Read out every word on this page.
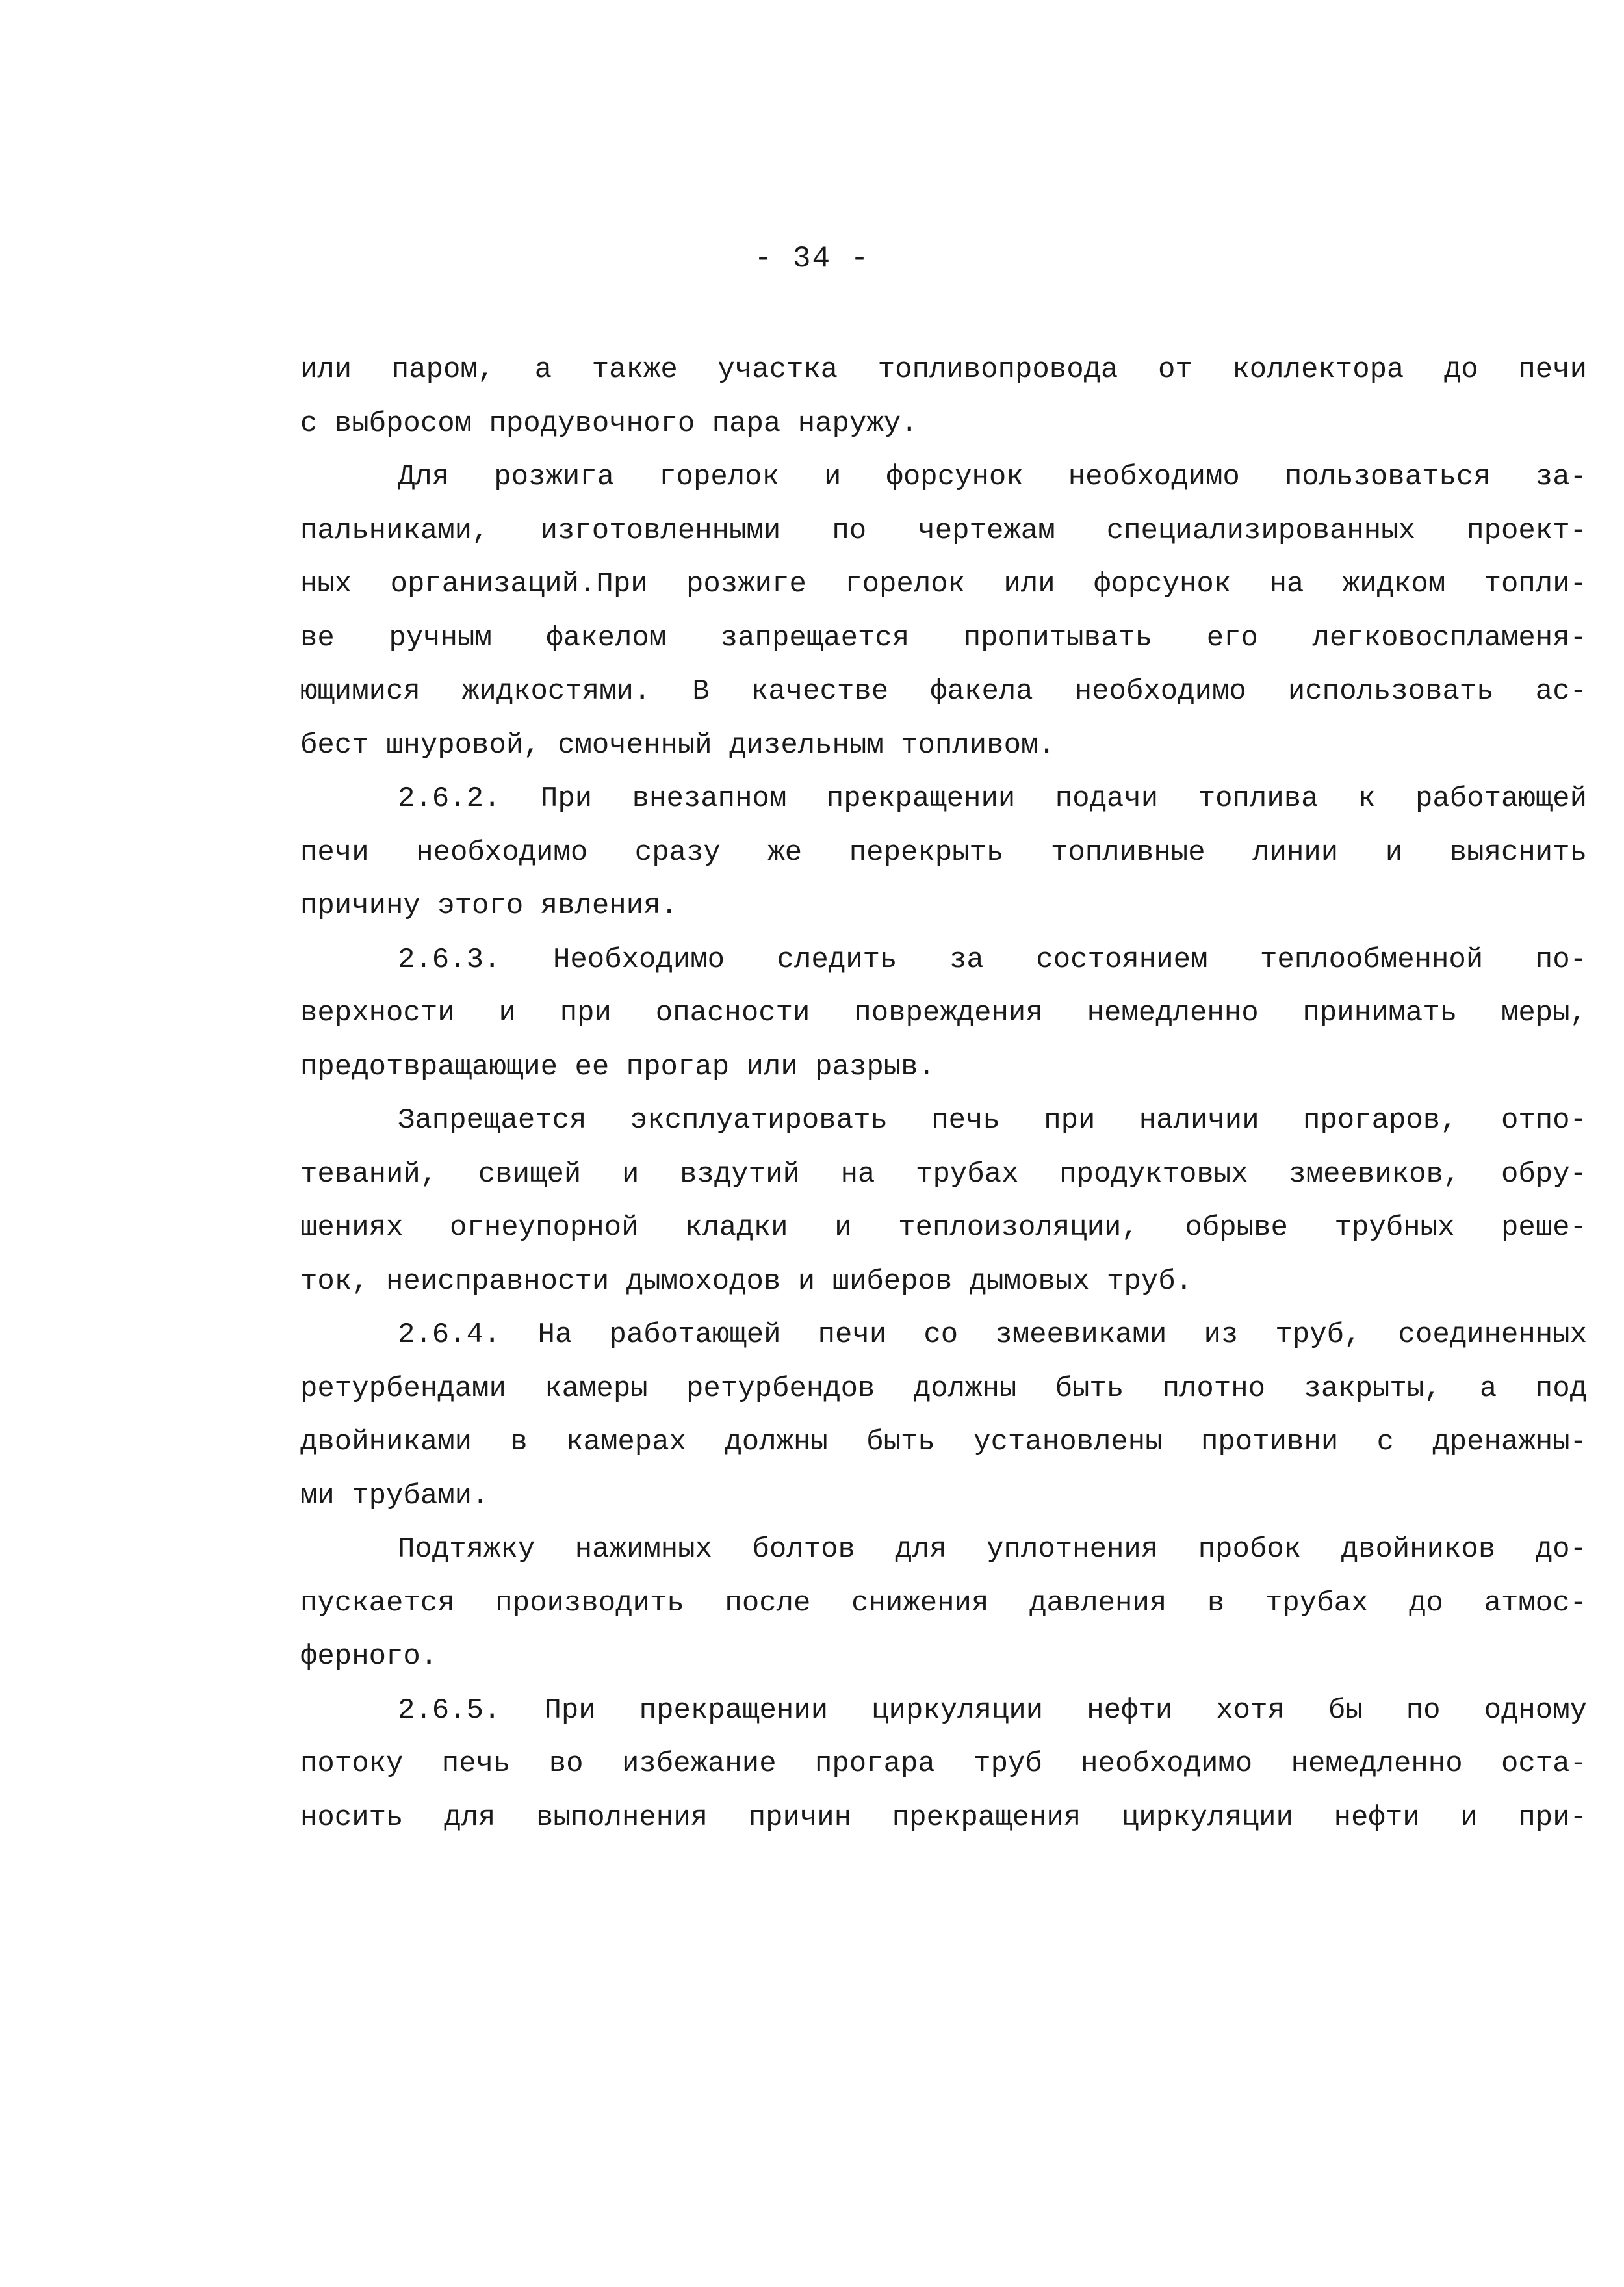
- 34 -
или паром, а также участка топливопровода от коллектора до печи
с выбросом продувочного пара наружу.
Для розжига горелок и форсунок необходимо пользоваться за-
пальниками, изготовленными по чертежам специализированных проект-
ных организаций.При розжиге горелок или форсунок на жидком топли-
ве ручным факелом запрещается пропитывать его легковоспламеня-
ющимися жидкостями. В качестве факела необходимо использовать ас-
бест шнуровой, смоченный дизельным топливом.
2.6.2. При внезапном прекращении подачи топлива к работающей
печи необходимо сразу же перекрыть топливные линии и выяснить
причину этого явления.
2.6.3. Необходимо следить за состоянием теплообменной по-
верхности и при опасности повреждения немедленно принимать меры,
предотвращающие ее прогар или разрыв.
Запрещается эксплуатировать печь при наличии прогаров, отпо-
теваний, свищей и вздутий на трубах продуктовых змеевиков, обру-
шениях огнеупорной кладки и теплоизоляции, обрыве трубных реше-
ток, неисправности дымоходов и шиберов дымовых труб.
2.6.4. На работающей печи со змеевиками из труб, соединенных
ретурбендами камеры ретурбендов должны быть плотно закрыты, а под
двойниками в камерах должны быть установлены противни с дренажны-
ми трубами.
Подтяжку нажимных болтов для уплотнения пробок двойников до-
пускается производить после снижения давления в трубах до атмос-
ферного.
2.6.5. При прекращении циркуляции нефти хотя бы по одному
потоку печь во избежание прогара труб необходимо немедленно оста-
носить для выполнения причин прекращения циркуляции нефти и при-
